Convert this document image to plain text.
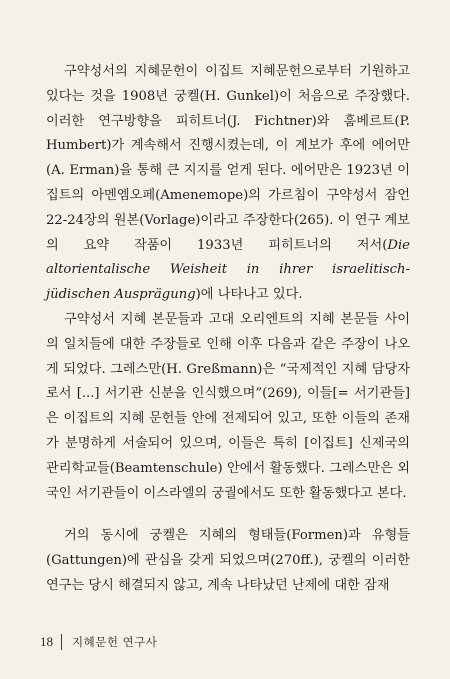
구약성서의 지혜문헌이 이집트 지혜문헌으로부터 기원하고 있다는 것을 1908년 궁켈(H. Gunkel)이 처음으로 주장했다. 이러한 연구방향을 피히트너(J. Fichtner)와 훔베르트(P. Humbert)가 계속해서 진행시켰는데, 이 계보가 후에 에어만(A. Erman)을 통해 큰 지지를 얻게 된다. 에어만은 1923년 이집트의 아멘엠오페(Amenemope)의 가르침이 구약성서 잠언 22-24장의 원본(Vorlage)이라고 주장한다(265). 이 연구 계보의 요약 작품이 1933년 피히트너의 저서(Die altorientalische Weisheit in ihrer israelitisch-jüdischen Ausprägung)에 나타나고 있다.

구약성서 지혜 본문들과 고대 오리엔트의 지혜 본문들 사이의 일치들에 대한 주장들로 인해 이후 다음과 같은 주장이 나오게 되었다. 그레스만(H. Greßmann)은 “국제적인 지혜 담당자로서 [...] 서기관 신분을 인식했으며”(269), 이들[= 서기관들]은 이집트의 지혜 문헌들 안에 전제되어 있고, 또한 이들의 존재가 분명하게 서술되어 있으며, 이들은 특히 [이집트] 신제국의 관리학교들(Beamtenschule) 안에서 활동했다. 그레스만은 외국인 서기관들이 이스라엘의 궁궐에서도 또한 활동했다고 본다.

거의 동시에 궁켈은 지혜의 형태들(Formen)과 유형들(Gattungen)에 관심을 갖게 되었으며(270ff.), 궁켈의 이러한 연구는 당시 해결되지 않고, 계속 나타났던 난제에 대한 잠재

18 지혜문헌 연구사
